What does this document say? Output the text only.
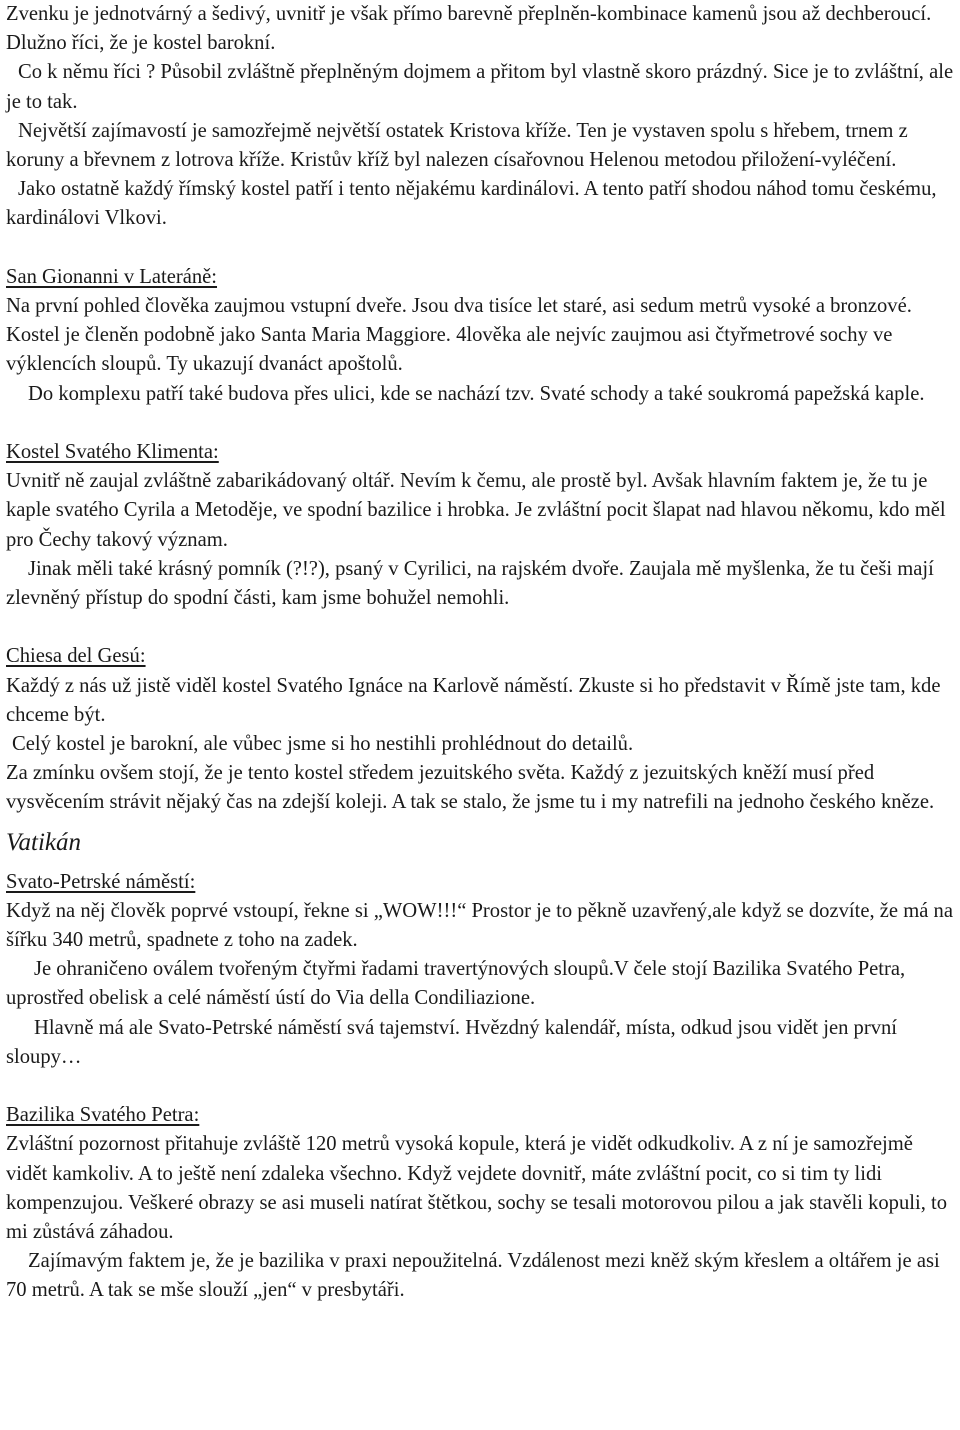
Zvenku je jednotvárný a šedivý, uvnitř je však přímo barevně přeplněn-kombinace kamenů jsou až dechberoucí. Dlužno říci, že je kostel barokní.

Co k němu říci ? Působil zvláštně přeplněným dojmem a přitom byl vlastně skoro prázdný. Sice je to zvláštní, ale je to tak.

Největší zajímavostí je samozřejmě největší ostatek Kristova kříže. Ten je vystaven spolu s hřebem, trnem z koruny a břevnem z lotrova kříže. Kristův kříž byl nalezen císařovnou Helenou metodou přiložení-vyléčení.

Jako ostatně každý římský kostel patří i tento nějakému kardinálovi. A tento patří shodou náhod tomu českému, kardinálovi Vlkovi.

San Gionanni v Lateráně:

Na první pohled člověka zaujmou vstupní dveře. Jsou dva tisíce let staré, asi sedum metrů vysoké a bronzové. Kostel je členěn podobně jako Santa Maria Maggiore. 4lověka ale nejvíc zaujmou asi čtyřmetrové sochy ve výklencích sloupů. Ty ukazují dvanáct apoštolů.

Do komplexu patří také budova přes ulici, kde se nachází tzv. Svaté schody a také soukromá papežská kaple.

Kostel Svatého Klimenta:

Uvnitř ně zaujal zvláštně zabarikádovaný oltář. Nevím k čemu, ale prostě byl. Avšak hlavním faktem je, že tu je kaple svatého Cyrila a Metoděje, ve spodní bazilice i hrobka. Je zvláštní pocit šlapat nad hlavou někomu, kdo měl pro Čechy takový význam.

Jinak měli také krásný pomník (?!?), psaný v Cyrilici, na rajském dvoře. Zaujala mě myšlenka, že tu češi mají zlevněný přístup do spodní části, kam jsme bohužel nemohli.

Chiesa del Gesú:

Každý z nás už jistě viděl kostel Svatého Ignáce na Karlově náměstí. Zkuste si ho představit v Římě jste tam, kde chceme být.

Celý kostel je barokní, ale vůbec jsme si ho nestihli prohlédnout do detailů.

Za zmínku ovšem stojí, že je tento kostel středem jezuitského světa. Každý z jezuitských kněží musí před vysvěcením strávit nějaký čas na zdejší koleji. A tak se stalo, že jsme tu i my natrefili na jednoho českého kněze.

Vatikán

Svato-Petrské náměstí:

Když na něj člověk poprvé vstoupí, řekne si „WOW!!!“ Prostor je to pěkně uzavřený,ale když se dozvíte, že má na šířku 340 metrů, spadnete z toho na zadek.

Je ohraničeno oválem tvořeným čtyřmi řadami travertýnových sloupů.V čele stojí Bazilika Svatého Petra, uprostřed obelisk a celé náměstí ústí do Via della Condiliazione.

Hlavně má ale Svato-Petrské náměstí svá tajemství. Hvězdný kalendář, místa, odkud jsou vidět jen první sloupy…

Bazilika Svatého Petra:

Zvláštní pozornost přitahuje zvláště 120 metrů vysoká kopule, která je vidět odkudkoliv. A z ní je samozřejmě vidět kamkoliv. A to ještě není zdaleka všechno. Když vejdete dovnitř, máte zvláštní pocit, co si tim ty lidi kompenzujou. Veškeré obrazy se asi museli natírat štětkou, sochy se tesali motorovou pilou a jak stavěli kopuli, to mi zůstává záhadou.

Zajímavým faktem je, že je bazilika v praxi nepoužitelná. Vzdálenost mezi kněž ským křeslem a oltářem je asi 70 metrů. A tak se mše slouží „jen“ v presbytáři.
